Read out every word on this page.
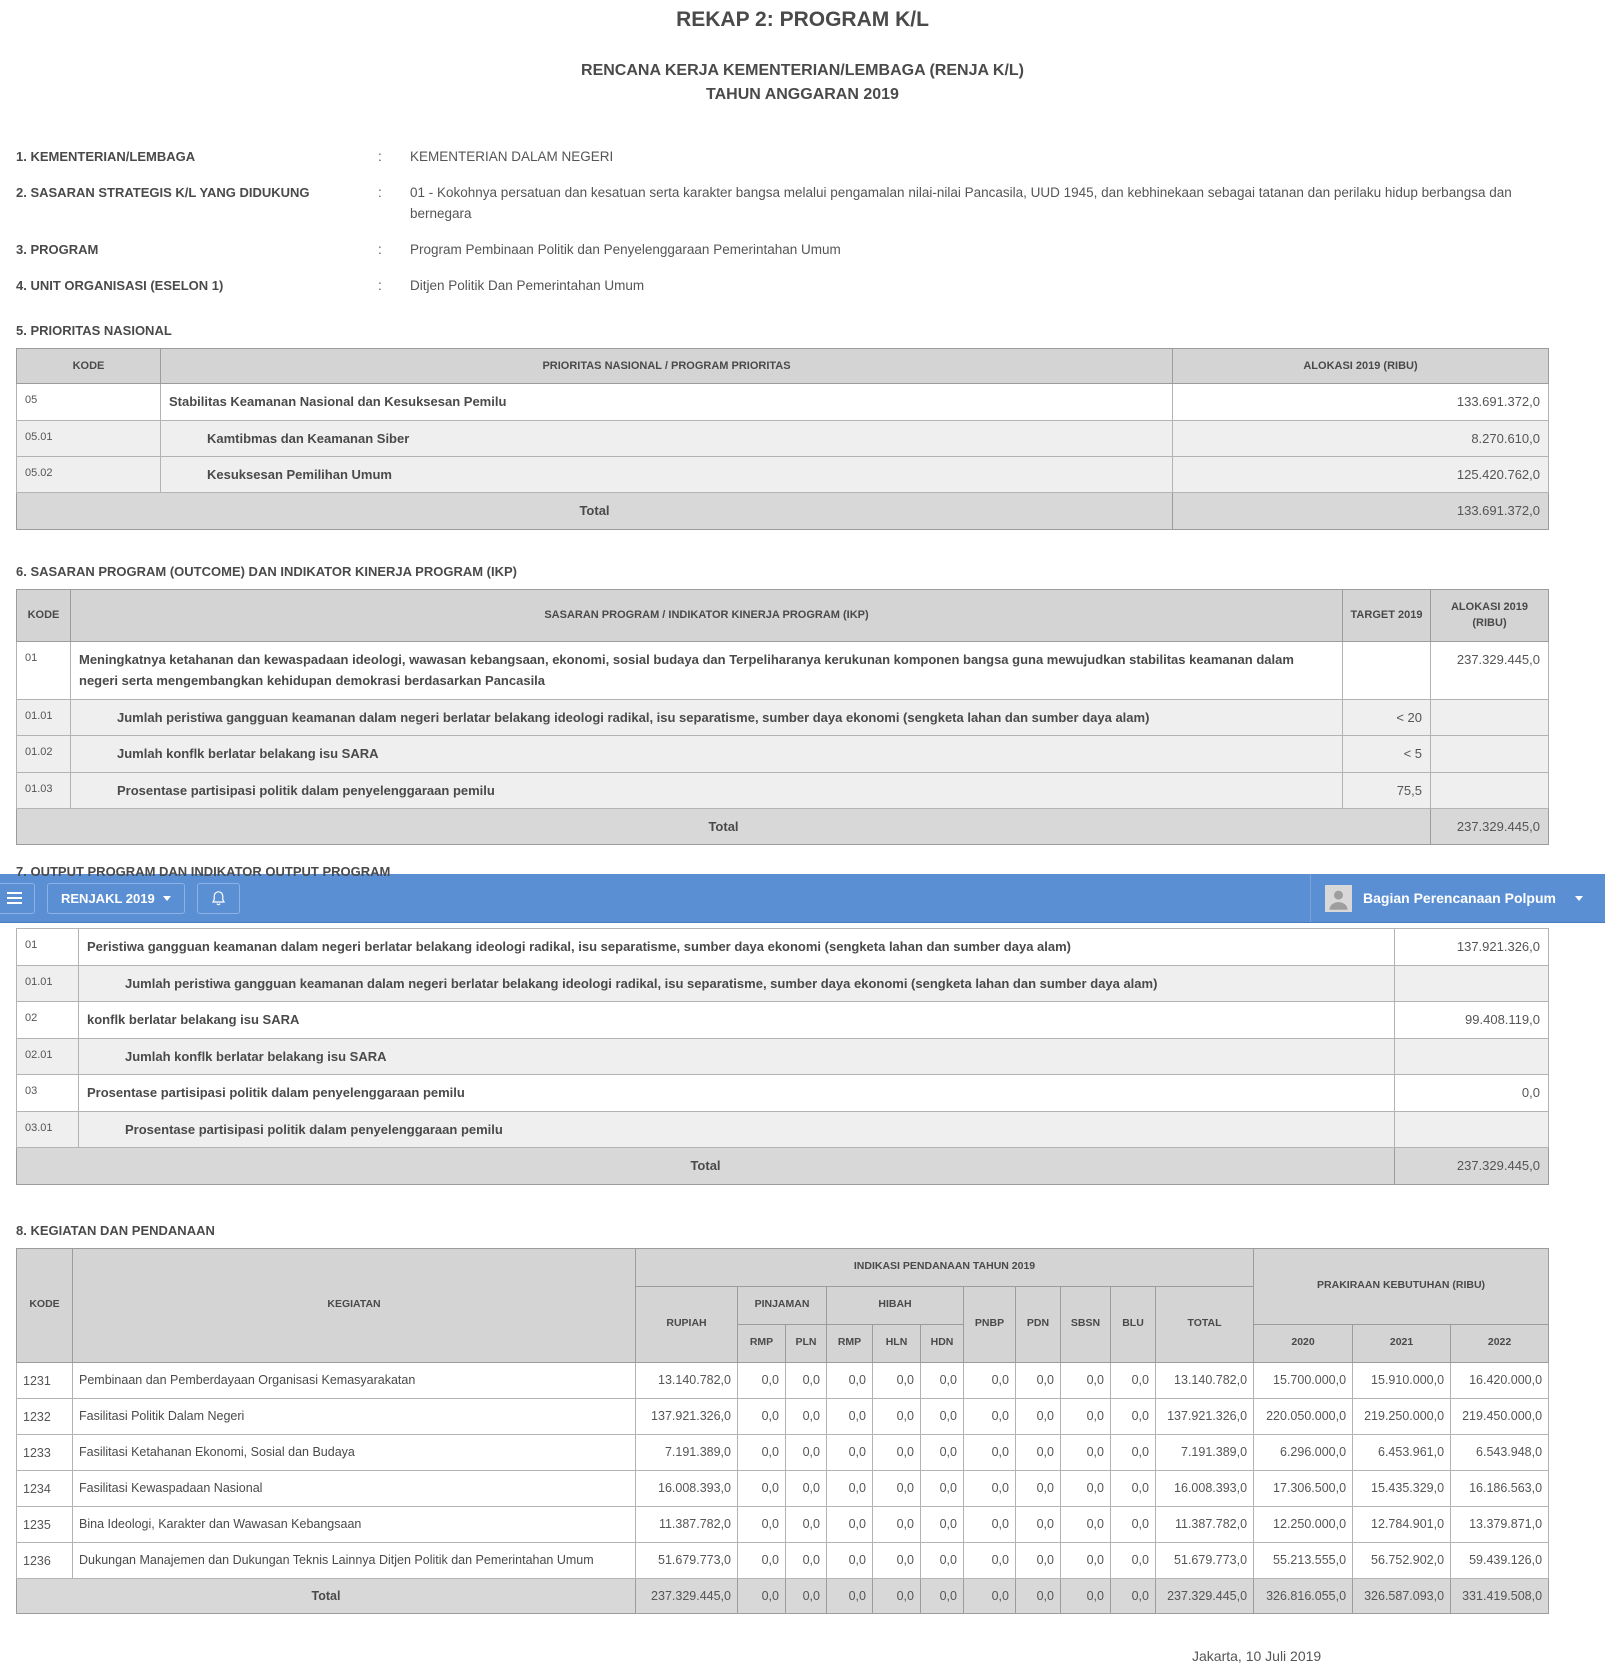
REKAP 2: PROGRAM K/L
RENCANA KERJA KEMENTERIAN/LEMBAGA (RENJA K/L)
TAHUN ANGGARAN 2019
1. KEMENTERIAN/LEMBAGA	:	KEMENTERIAN DALAM NEGERI
2. SASARAN STRATEGIS K/L YANG DIDUKUNG	:	01 - Kokohnya persatuan dan kesatuan serta karakter bangsa melalui pengamalan nilai-nilai Pancasila, UUD 1945, dan kebhinekaan sebagai tatanan dan perilaku hidup berbangsa dan bernegara
3. PROGRAM	:	Program Pembinaan Politik dan Penyelenggaraan Pemerintahan Umum
4. UNIT ORGANISASI (ESELON 1)	:	Ditjen Politik Dan Pemerintahan Umum
5. PRIORITAS NASIONAL
KODE	PRIORITAS NASIONAL / PROGRAM PRIORITAS	ALOKASI 2019 (RIBU)
05	Stabilitas Keamanan Nasional dan Kesuksesan Pemilu	133.691.372,0
05.01	Kamtibmas dan Keamanan Siber	8.270.610,0
05.02	Kesuksesan Pemilihan Umum	125.420.762,0
Total		133.691.372,0
6. SASARAN PROGRAM (OUTCOME) DAN INDIKATOR KINERJA PROGRAM (IKP)
KODE	SASARAN PROGRAM / INDIKATOR KINERJA PROGRAM (IKP)	TARGET 2019	ALOKASI 2019 (RIBU)
01	Meningkatnya ketahanan dan kewaspadaan ideologi, wawasan kebangsaan, ekonomi, sosial budaya dan Terpeliharanya kerukunan komponen bangsa guna mewujudkan stabilitas keamanan dalam negeri serta mengembangkan kehidupan demokrasi berdasarkan Pancasila		237.329.445,0
01.01	Jumlah peristiwa gangguan keamanan dalam negeri berlatar belakang ideologi radikal, isu separatisme, sumber daya ekonomi (sengketa lahan dan sumber daya alam)	< 20	
01.02	Jumlah konflk berlatar belakang isu SARA	< 5	
01.03	Prosentase partisipasi politik dalam penyelenggaraan pemilu	75,5	
Total			237.329.445,0
7. OUTPUT PROGRAM DAN INDIKATOR OUTPUT PROGRAM
RENJAKL 2019	Bagian Perencanaan Polpum
01	Peristiwa gangguan keamanan dalam negeri berlatar belakang ideologi radikal, isu separatisme, sumber daya ekonomi (sengketa lahan dan sumber daya alam)	137.921.326,0
01.01	Jumlah peristiwa gangguan keamanan dalam negeri berlatar belakang ideologi radikal, isu separatisme, sumber daya ekonomi (sengketa lahan dan sumber daya alam)	
02	konflk berlatar belakang isu SARA	99.408.119,0
02.01	Jumlah konflk berlatar belakang isu SARA	
03	Prosentase partisipasi politik dalam penyelenggaraan pemilu	0,0
03.01	Prosentase partisipasi politik dalam penyelenggaraan pemilu	
Total		237.329.445,0
8. KEGIATAN DAN PENDANAAN
KODE	KEGIATAN	INDIKASI PENDANAAN TAHUN 2019											PRAKIRAAN KEBUTUHAN (RIBU)		
		RUPIAH	PINJAMAN		HIBAH			PNBP	PDN	SBSN	BLU	TOTAL			
			RMP	PLN	RMP	HLN	HDN						2020	2021	2022
1231	Pembinaan dan Pemberdayaan Organisasi Kemasyarakatan	13.140.782,0	0,0	0,0	0,0	0,0	0,0	0,0	0,0	0,0	0,0	13.140.782,0	15.700.000,0	15.910.000,0	16.420.000,0
1232	Fasilitasi Politik Dalam Negeri	137.921.326,0	0,0	0,0	0,0	0,0	0,0	0,0	0,0	0,0	0,0	137.921.326,0	220.050.000,0	219.250.000,0	219.450.000,0
1233	Fasilitasi Ketahanan Ekonomi, Sosial dan Budaya	7.191.389,0	0,0	0,0	0,0	0,0	0,0	0,0	0,0	0,0	0,0	7.191.389,0	6.296.000,0	6.453.961,0	6.543.948,0
1234	Fasilitasi Kewaspadaan Nasional	16.008.393,0	0,0	0,0	0,0	0,0	0,0	0,0	0,0	0,0	0,0	16.008.393,0	17.306.500,0	15.435.329,0	16.186.563,0
1235	Bina Ideologi, Karakter dan Wawasan Kebangsaan	11.387.782,0	0,0	0,0	0,0	0,0	0,0	0,0	0,0	0,0	0,0	11.387.782,0	12.250.000,0	12.784.901,0	13.379.871,0
1236	Dukungan Manajemen dan Dukungan Teknis Lainnya Ditjen Politik dan Pemerintahan Umum	51.679.773,0	0,0	0,0	0,0	0,0	0,0	0,0	0,0	0,0	0,0	51.679.773,0	55.213.555,0	56.752.902,0	59.439.126,0
Total		237.329.445,0	0,0	0,0	0,0	0,0	0,0	0,0	0,0	0,0	0,0	237.329.445,0	326.816.055,0	326.587.093,0	331.419.508,0
Jakarta, 10 Juli 2019
